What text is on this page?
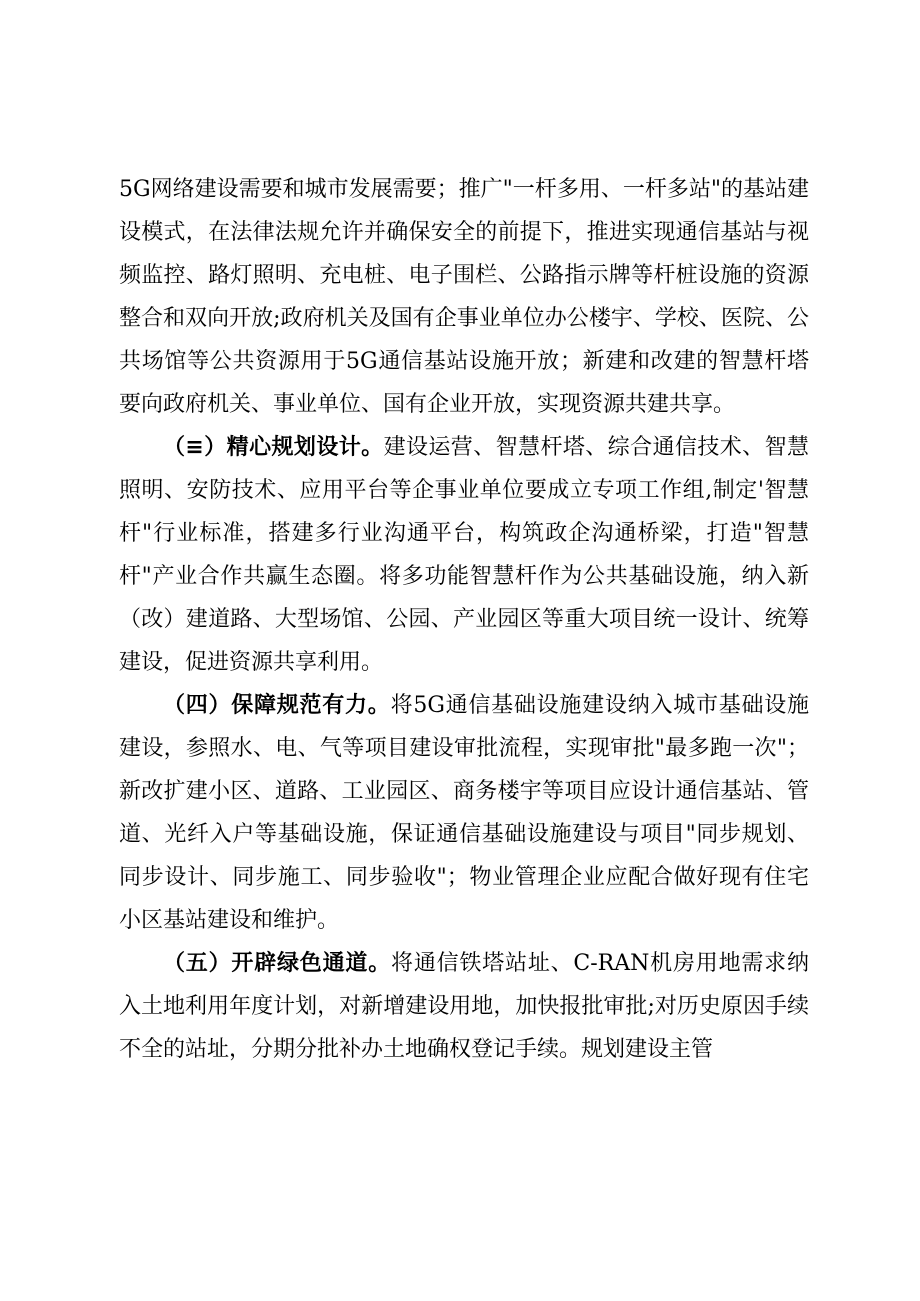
5G网络建设需要和城市发展需要；推广"一杆多用、一杆多站"的基站建设模式，在法律法规允许并确保安全的前提下，推进实现通信基站与视频监控、路灯照明、充电桩、电子围栏、公路指示牌等杆桩设施的资源整合和双向开放;政府机关及国有企事业单位办公楼宇、学校、医院、公共场馆等公共资源用于5G通信基站设施开放；新建和改建的智慧杆塔要向政府机关、事业单位、国有企业开放，实现资源共建共享。

（≡）精心规划设计。建设运营、智慧杆塔、综合通信技术、智慧照明、安防技术、应用平台等企事业单位要成立专项工作组,制定'智慧杆"行业标准，搭建多行业沟通平台，构筑政企沟通桥梁，打造"智慧杆"产业合作共赢生态圈。将多功能智慧杆作为公共基础设施，纳入新（改）建道路、大型场馆、公园、产业园区等重大项目统一设计、统筹建设，促进资源共享利用。

（四）保障规范有力。将5G通信基础设施建设纳入城市基础设施建设，参照水、电、气等项目建设审批流程，实现审批"最多跑一次"；新改扩建小区、道路、工业园区、商务楼宇等项目应设计通信基站、管道、光纤入户等基础设施，保证通信基础设施建设与项目"同步规划、同步设计、同步施工、同步验收"；物业管理企业应配合做好现有住宅小区基站建设和维护。

（五）开辟绿色通道。将通信铁塔站址、C-RAN机房用地需求纳入土地利用年度计划，对新增建设用地，加快报批审批;对历史原因手续不全的站址，分期分批补办土地确权登记手续。规划建设主管
